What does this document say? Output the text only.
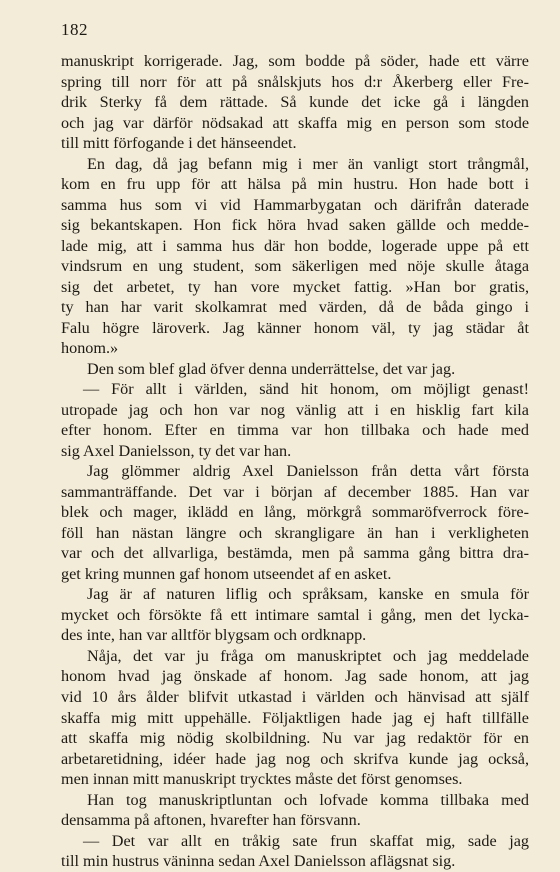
182
manuskript korrigerade. Jag, som bodde på söder, hade ett värre
spring till norr för att på snålskjuts hos d:r Åkerberg eller Fre-
drik Sterky få dem rättade. Så kunde det icke gå i längden
och jag var därför nödsakad att skaffa mig en person som stode
till mitt förfogande i det hänseendet.
En dag, då jag befann mig i mer än vanligt stort trångmål,
kom en fru upp för att hälsa på min hustru. Hon hade bott i
samma hus som vi vid Hammarbygatan och därifrån daterade
sig bekantskapen. Hon fick höra hvad saken gällde och medde-
lade mig, att i samma hus där hon bodde, logerade uppe på ett
vindsrum en ung student, som säkerligen med nöje skulle åtaga
sig det arbetet, ty han vore mycket fattig. »Han bor gratis,
ty han har varit skolkamrat med värden, då de båda gingo i
Falu högre läroverk. Jag känner honom väl, ty jag städar åt
honom.»
Den som blef glad öfver denna underrättelse, det var jag.
— För allt i världen, sänd hit honom, om möjligt genast!
utropade jag och hon var nog vänlig att i en hisklig fart kila
efter honom. Efter en timma var hon tillbaka och hade med
sig Axel Danielsson, ty det var han.
Jag glömmer aldrig Axel Danielsson från detta vårt första
sammanträffande. Det var i början af december 1885. Han var
blek och mager, iklädd en lång, mörkgrå sommaröfverrock före-
föll han nästan längre och skrangligare än han i verkligheten
var och det allvarliga, bestämda, men på samma gång bittra dra-
get kring munnen gaf honom utseendet af en asket.
Jag är af naturen liflig och språksam, kanske en smula för
mycket och försökte få ett intimare samtal i gång, men det lycka-
des inte, han var alltför blygsam och ordknapp.
Nåja, det var ju fråga om manuskriptet och jag meddelade
honom hvad jag önskade af honom. Jag sade honom, att jag
vid 10 års ålder blifvit utkastad i världen och hänvisad att själf
skaffa mig mitt uppehälle. Följaktligen hade jag ej haft tillfälle
att skaffa mig nödig skolbildning. Nu var jag redaktör för en
arbetaretidning, idéer hade jag nog och skrifva kunde jag också,
men innan mitt manuskript trycktes måste det först genomses.
Han tog manuskriptluntan och lofvade komma tillbaka med
densamma på aftonen, hvarefter han försvann.
— Det var allt en tråkig sate frun skaffat mig, sade jag
till min hustrus väninna sedan Axel Danielsson aflägsnat sig.
